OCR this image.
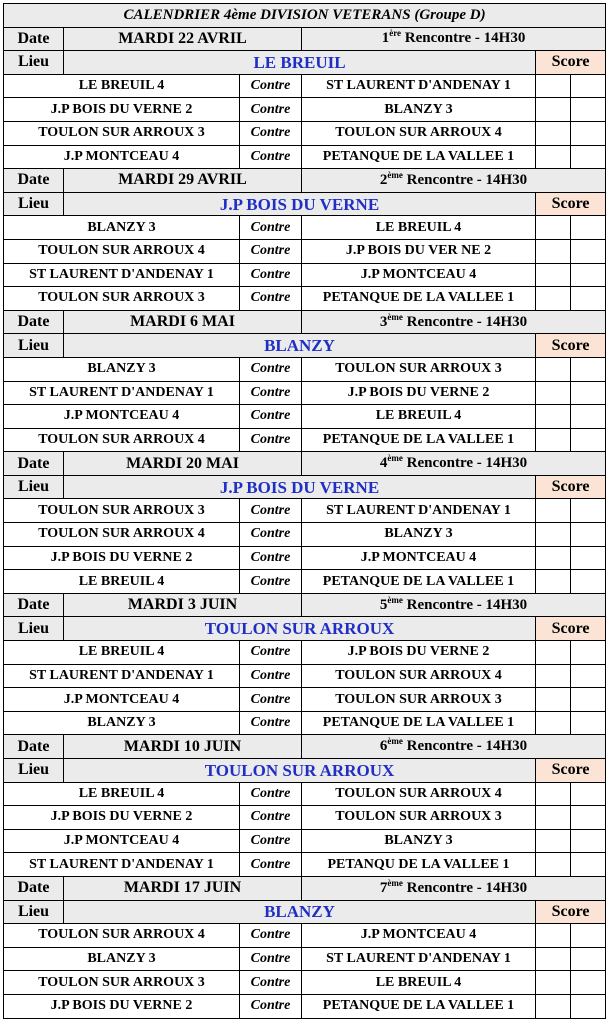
CALENDRIER 4ème DIVISION VETERANS (Groupe D)					
Date	MARDI 22 AVRIL		1ère Rencontre - 14H30		
Lieu	LE BREUIL			Score	
LE BREUIL 4		Contre	ST LAURENT D'ANDENAY 1		
J.P BOIS DU VERNE 2		Contre	BLANZY 3		
TOULON SUR ARROUX 3		Contre	TOULON SUR ARROUX 4		
J.P MONTCEAU 4		Contre	PETANQUE DE LA VALLEE 1		
Date	MARDI 29 AVRIL		2ème Rencontre - 14H30		
Lieu	J.P BOIS DU VERNE			Score	
BLANZY 3		Contre	LE BREUIL 4		
TOULON SUR ARROUX 4		Contre	J.P BOIS DU VER NE 2		
ST LAURENT D'ANDENAY 1		Contre	J.P MONTCEAU 4		
TOULON SUR ARROUX 3		Contre	PETANQUE DE LA VALLEE 1		
Date	MARDI 6 MAI		3ème Rencontre - 14H30		
Lieu	BLANZY			Score	
BLANZY 3		Contre	TOULON SUR ARROUX 3		
ST LAURENT D'ANDENAY 1		Contre	J.P BOIS DU VERNE 2		
J.P MONTCEAU 4		Contre	LE BREUIL 4		
TOULON SUR ARROUX 4		Contre	PETANQUE DE LA VALLEE 1		
Date	MARDI 20 MAI		4ème Rencontre - 14H30		
Lieu	J.P BOIS DU VERNE			Score	
TOULON SUR ARROUX 3		Contre	ST LAURENT D'ANDENAY 1		
TOULON SUR ARROUX 4		Contre	BLANZY 3		
J.P BOIS DU VERNE 2		Contre	J.P MONTCEAU 4		
LE BREUIL 4		Contre	PETANQUE DE LA VALLEE 1		
Date	MARDI 3 JUIN		5ème Rencontre - 14H30		
Lieu	TOULON SUR ARROUX			Score	
LE BREUIL 4		Contre	J.P BOIS DU VERNE 2		
ST LAURENT D'ANDENAY 1		Contre	TOULON SUR ARROUX 4		
J.P MONTCEAU 4		Contre	TOULON SUR ARROUX 3		
BLANZY 3		Contre	PETANQUE DE LA VALLEE 1		
Date	MARDI 10 JUIN		6ème Rencontre - 14H30		
Lieu	TOULON SUR ARROUX			Score	
LE BREUIL 4		Contre	TOULON SUR ARROUX 4		
J.P BOIS DU VERNE 2		Contre	TOULON SUR ARROUX 3		
J.P MONTCEAU 4		Contre	BLANZY 3		
ST LAURENT D'ANDENAY 1		Contre	PETANQU DE LA VALLEE 1		
Date	MARDI 17 JUIN		7ème Rencontre - 14H30		
Lieu	BLANZY			Score	
TOULON SUR ARROUX 4		Contre	J.P MONTCEAU 4		
BLANZY 3		Contre	ST LAURENT D'ANDENAY 1		
TOULON SUR ARROUX 3		Contre	LE BREUIL 4		
J.P BOIS DU VERNE 2		Contre	PETANQUE DE LA VALLEE 1		
